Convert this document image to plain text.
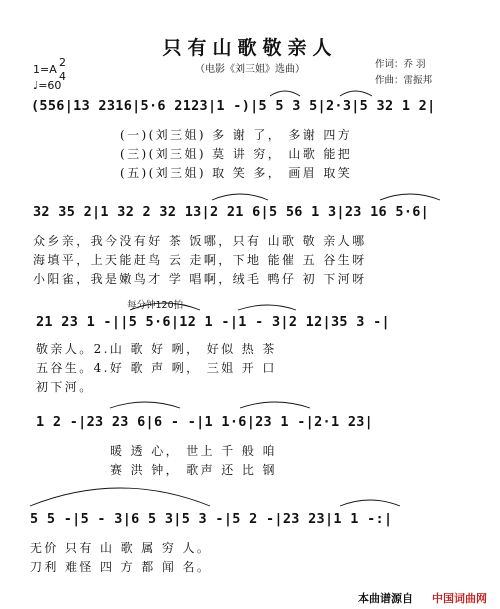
只有山歌敬亲人
（电影《刘三姐》选曲）	作词：乔 羽
作曲：雷振邦
1=A
2
4
♩=60
(556|13 2316|5·6 2123|1 -)|5 5 3 5|2·3|5 32 1 2|
(一)(刘三姐) 多 谢 了， 多谢 四方
(三)(刘三姐) 莫 讲 穷， 山歌 能把
(五)(刘三姐) 取 笑 多， 画眉 取笑
32 35 2|1 32 2 32 13|2 21 6|5 56 1 3|23 16 5·6|
众乡亲，我今没有好 茶 饭哪，只有 山歌 敬 亲人哪
海填平，上天能赶鸟 云 走啊，下地 能催 五 谷生呀
小阳雀，我是嫩鸟才 学 唱啊，绒毛 鸭仔 初 下河呀
每分钟120拍
21 23 1 -||5 5·6|12 1 -|1 - 3|2 12|35 3 -|
敬亲人。2.山 歌 好 咧， 好似 热 茶
五谷生。4.好 歌 声 咧， 三姐 开 口
初下河。
1 2 -|23 23 6|6 - -|1 1·6|23 1 -|2·1 23|
暖 透 心， 世上 千 般 咱
赛 洪 钟， 歌声 还 比 钢
5 5 -|5 - 3|6 5 3|5 3 -|5 2 -|23 23|1 1 -:|
无价 只有 山 歌 属 穷 人。
刀利 难怪 四 方 都 闻 名。
本曲谱源自 中国词曲网
